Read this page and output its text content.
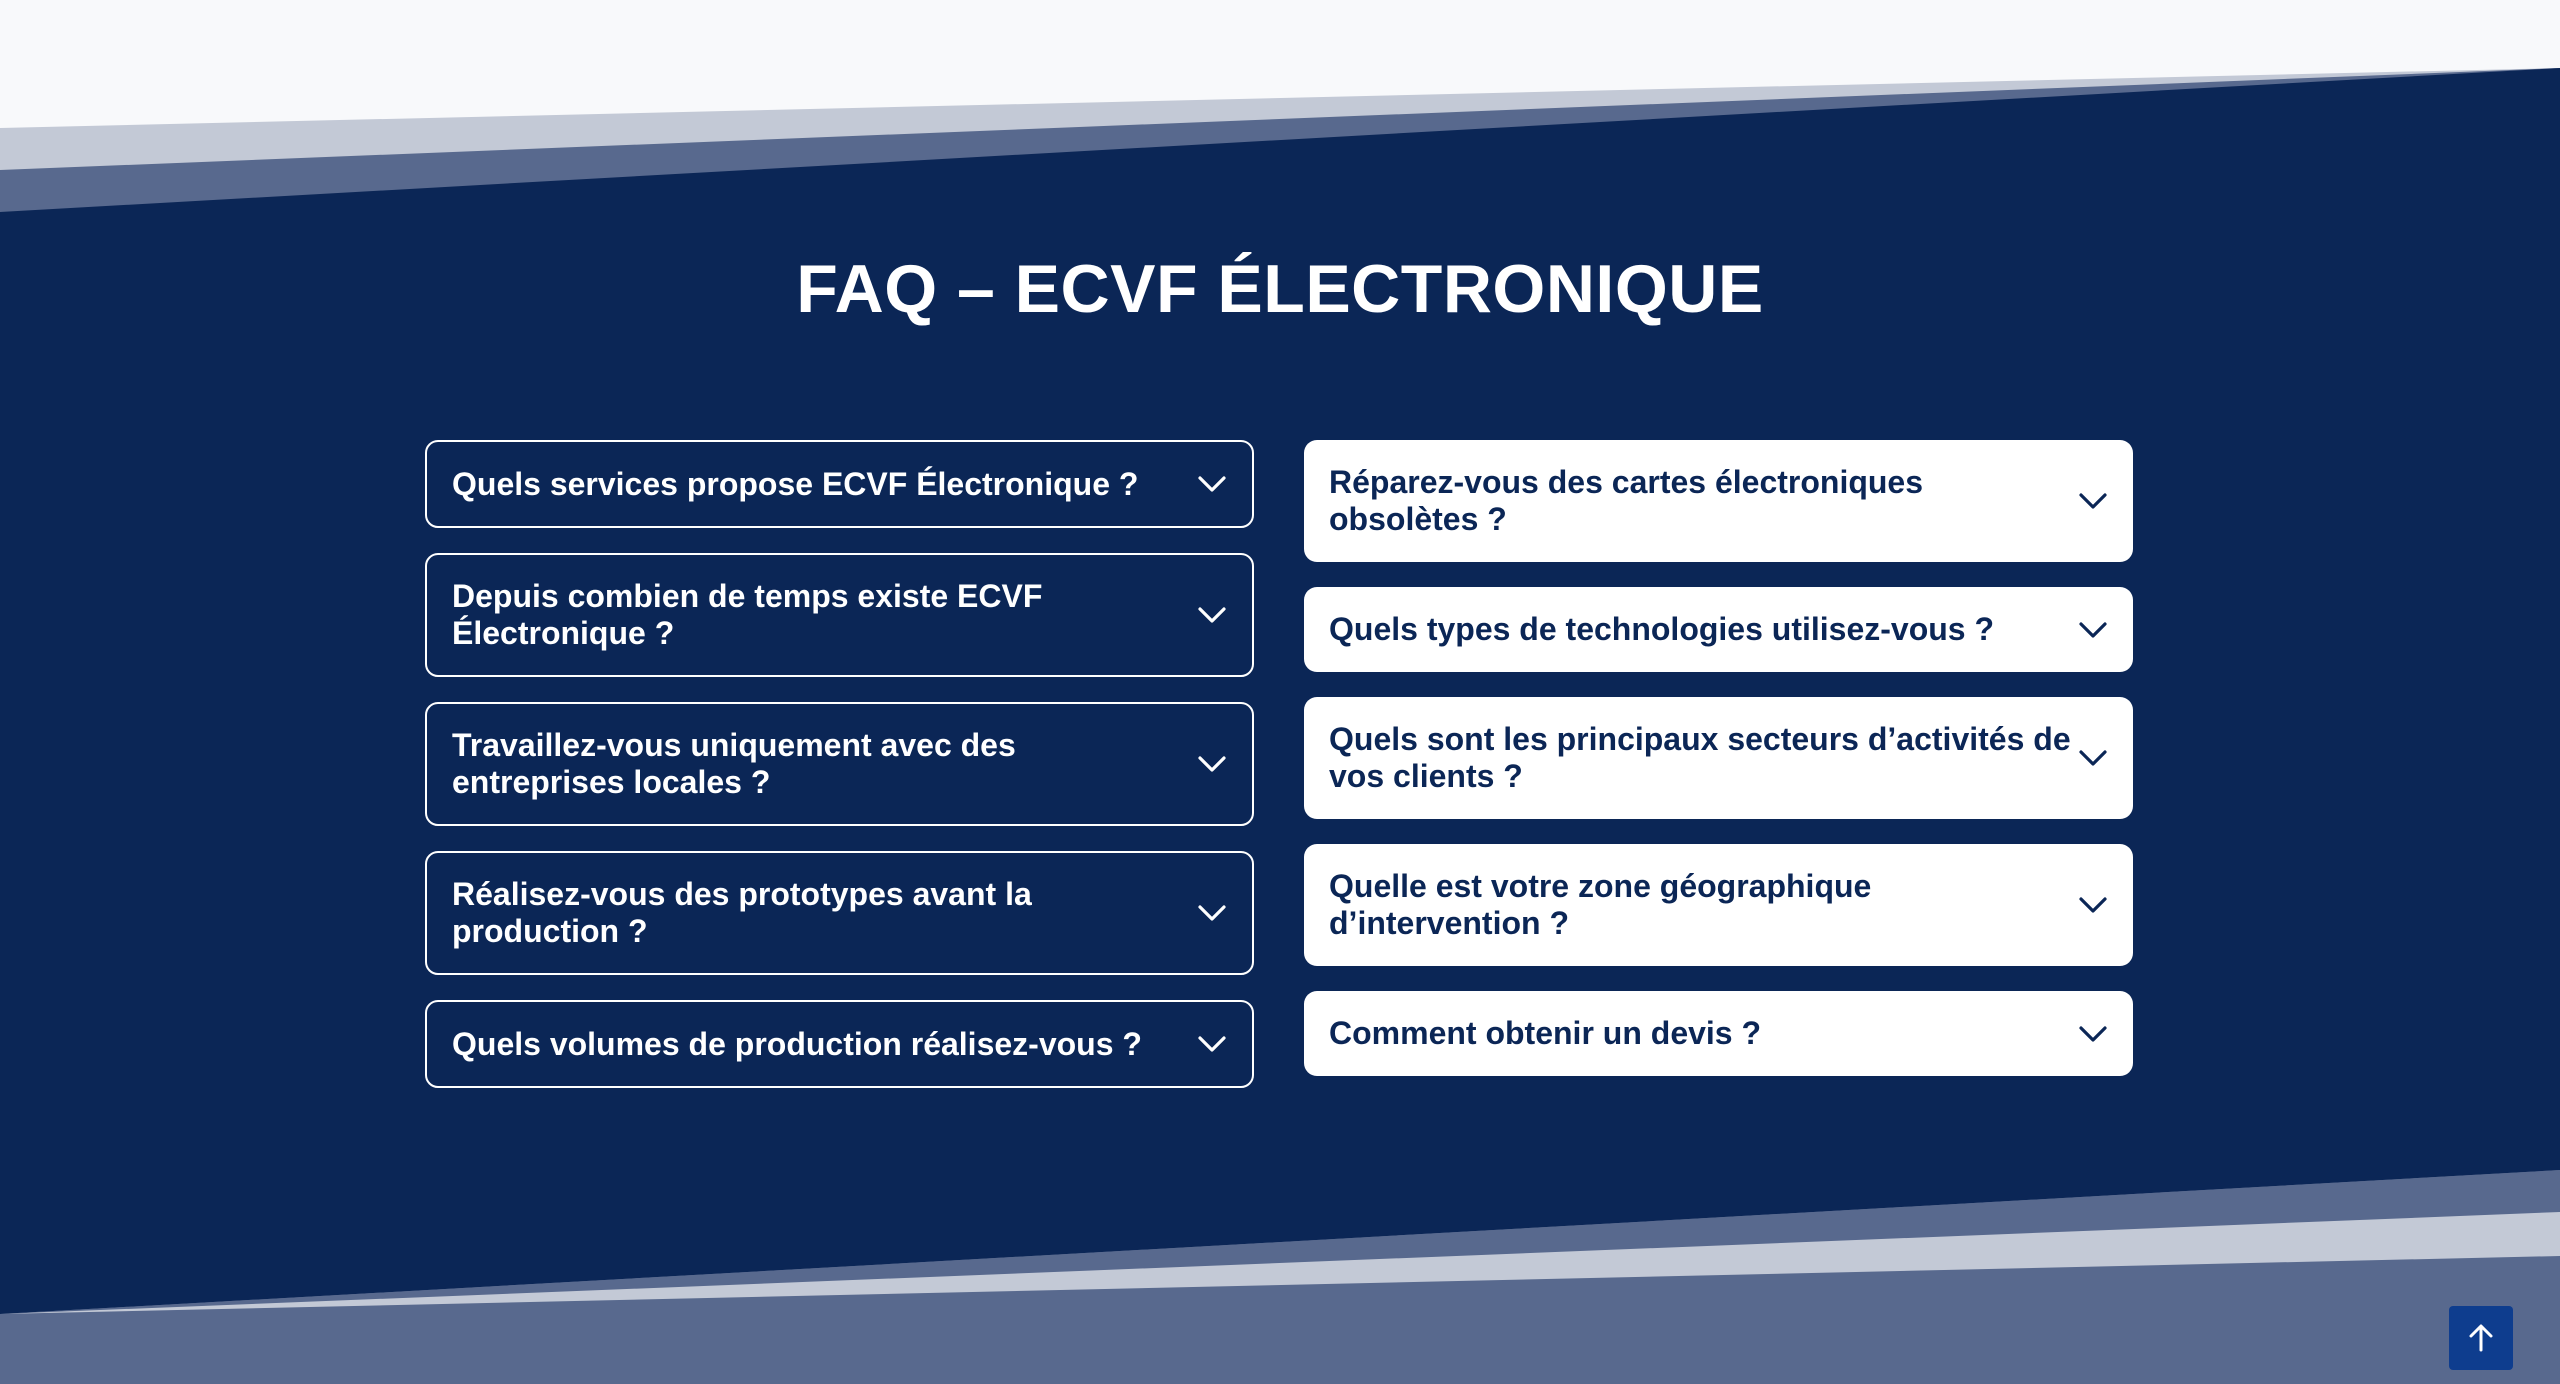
FAQ – ECVF ÉLECTRONIQUE
Quels services propose ECVF Électronique ?
Depuis combien de temps existe ECVF Électronique ?
Travaillez-vous uniquement avec des entreprises locales ?
Réalisez-vous des prototypes avant la production ?
Quels volumes de production réalisez-vous ?
Réparez-vous des cartes électroniques obsolètes ?
Quels types de technologies utilisez-vous ?
Quels sont les principaux secteurs d’activités de vos clients ?
Quelle est votre zone géographique d’intervention ?
Comment obtenir un devis ?
